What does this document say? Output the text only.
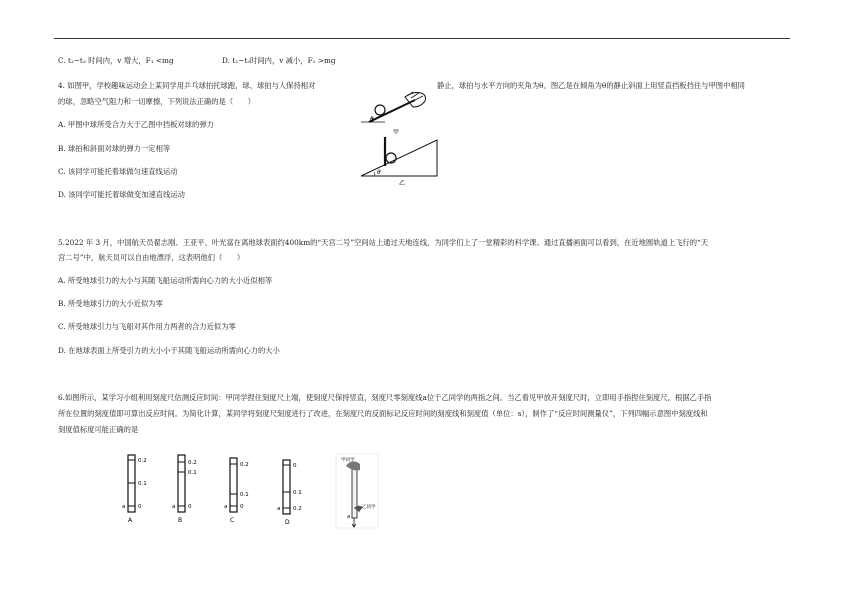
C. t₂~t₃ 时间内，v 增大，F₁ <mg	D. t₂~t₃时间内，v 减小，F₁ >mg
4. 如图甲，学校趣味运动会上某同学用乒乓球拍托球跑，球、球拍与人保持相对	静止，球拍与水平方向的夹角为θ。图乙是在倾角为θ的静止斜面上用竖直挡板挡住与甲图中相同
的球，忽略空气阻力和一切摩擦，下列说法正确的是（　　）
A. 甲图中球所受合力大于乙图中挡板对球的弹力
B. 球拍和斜面对球的弹力一定相等
C. 该同学可能托着球做匀速直线运动
D. 该同学可能托着球做变加速直线运动
θ
甲
θ
乙
5.2022 年 3 月，中国航天员翟志刚、王亚平、叶光富在离地球表面约400km的“天宫二号”空间站上通过天地连线，为同学们上了一堂精彩的科学课。通过直播画面可以看到，在近地圆轨道上飞行的“天
宫二号”中，航天员可以自由地漂浮，这表明他们（　　）
A. 所受地球引力的大小与其随飞船运动所需向心力的大小近似相等
B. 所受地球引力的大小近似为零
C. 所受地球引力与飞船对其作用力两者的合力近似为零
D. 在地球表面上所受引力的大小小于其随飞船运动所需向心力的大小
6.如图所示，某学习小组利用刻度尺估测反应时间：甲同学捏住刻度尺上端，使刻度尺保持竖直，刻度尺零刻度线a位于乙同学的两指之间。当乙看见甲放开刻度尺时，立即用手指捏住刻度尺，根据乙手指
所在位置的刻度值即可算出反应时间。为简化计算，某同学将刻度尺刻度进行了改进，在刻度尺的反面标记反应时间的刻度线和刻度值（单位：s），制作了“反应时间测量仪”，下列四幅示意图中刻度线和
刻度值标度可能正确的是
0.2
0.1
0
a
A
0.2
0.1
0
a
B
0.2
0.1
0
a
C
0
0.1
0.2
a
D
甲同学
乙同学
a
